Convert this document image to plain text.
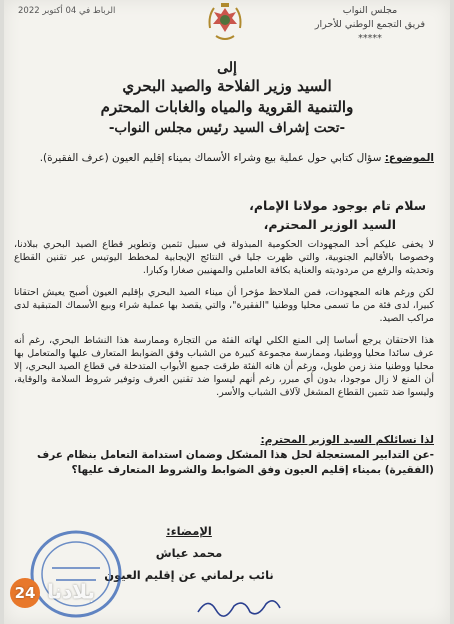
مجلس النواب
فريق التجمع الوطني للأحرار
*****
الرباط في 04 أكتوبر 2022
إلى
السيد وزير الفلاحة والصيد البحري
والتنمية القروية والمياه والغابات المحترم
-تحت إشراف السيد رئيس مجلس النواب-
الموضوع: سؤال كتابي حول عملية بيع وشراء الأسماك بميناء إقليم العيون (عرف الفقيرة).
سلام تام بوجود مولانا الإمام،
السيد الوزير المحترم،

لا يخفى عليكم أحد المجهودات الحكومية المبذولة في سبيل تثمين وتطوير قطاع الصيد البحري ببلادنا، وخصوصا بالأقاليم الجنوبية، والتي ظهرت جليا في النتائج الإيجابية لمخطط اليوتيس عبر تقنين القطاع وتحديثه والرفع من مردوديته والعناية بكافة العاملين والمهنيين صغارا وكبارا.

لكن ورغم هاته المجهودات، فمن الملاحظ مؤخرا أن ميناء الصيد البحري بإقليم العيون أصبح يعيش احتقانا كبيرا، لدى فئة من ما تسمى محليا ووطنيا "الفقيرة"، والتي يقصد بها عملية شراء وبيع الأسماك المتبقية لدى مراكب الصيد.

هذا الاحتقان يرجع أساسا إلى المنع الكلي لهاته الفئة من التجارة وممارسة هذا النشاط البحري، رغم أنه عرف سائدا محليا ووطنيا، وممارسة مجموعة كبيرة من الشباب وفق الضوابط المتعارف عليها والمتعامل بها محليا ووطنيا منذ زمن طويل، ورغم أن هاته الفئة طرقت جميع الأبواب المتدخلة في قطاع الصيد البحري، إلا أن المنع لا زال موجودا، بدون أي مبرر، رغم أنهم ليسوا ضد تقنين العرف وتوفير شروط السلامة والوقاية، وليسوا ضد تثمين القطاع المشغل لآلاف الشباب والأسر.

لذا نسائلكم السيد الوزير المحترم:
-عن التدابير المستعجلة لحل هذا المشكل وضمان استدامة التعامل بنظام عرف (الفقيرة) بميناء إقليم العيون وفق الضوابط والشروط المتعارف عليها؟
الإمضاء:
محمد عياش
نائب برلماني عن إقليم العيون
24 بلادنا
